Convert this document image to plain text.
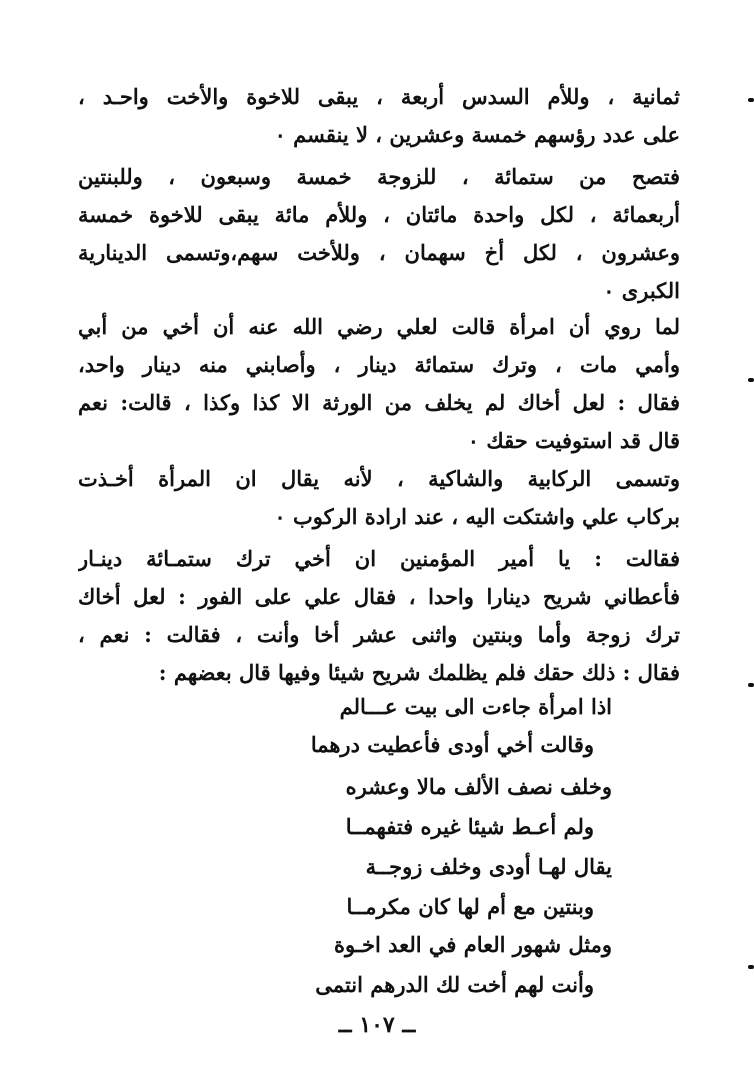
ثمانية ، وللأم السدس أربعة ، يبقى للاخوة والأخت واحـد ،
على عدد رؤسهم خمسة وعشرين ، لا ينقسم ٠
فتصح من ستمائة ، للزوجة خمسة وسبعون ، وللبنتين
أربعمائة ، لكل واحدة مائتان ، وللأم مائة يبقى للاخوة خمسة
وعشرون ، لكل أخ سهمان ، وللأخت سهم،وتسمى الدينارية
الكبرى ٠
لما روي أن امرأة قالت لعلي رضي الله عنه أن أخي من أبي
وأمي مات ، وترك ستمائة دينار ، وأصابني منه دينار واحد،
فقال : لعل أخاك لم يخلف من الورثة الا كذا وكذا ، قالت: نعم
قال قد استوفيت حقك ٠
وتسمى الركابية والشاكية ، لأنه يقال ان المرأة أخـذت
بركاب علي واشتكت اليه ، عند ارادة الركوب ٠
فقالت : يا أمير المؤمنين ان أخي ترك ستمـائة دينـار
فأعطاني شريح دينارا واحدا ، فقال علي على الفور : لعل أخاك
ترك زوجة وأما وبنتين واثنى عشر أخا وأنت ، فقالت : نعم ،
فقال : ذلك حقك فلم يظلمك شريح شيئا وفيها قال بعضهم :
اذا امرأة جاءت الى بيت عـــالم
وقالت أخي أودى فأعطيت درهما
وخلف نصف الألف مالا وعشره
ولم أعـط شيئا غيره فتفهمــا
يقال لهـا أودى وخلف زوجــة
وبنتين مع أم لها كان مكرمــا
ومثل شهور العام في العد اخـوة
وأنت لهم أخت لك الدرهم انتمى
ــ ١٠٧ ــ
